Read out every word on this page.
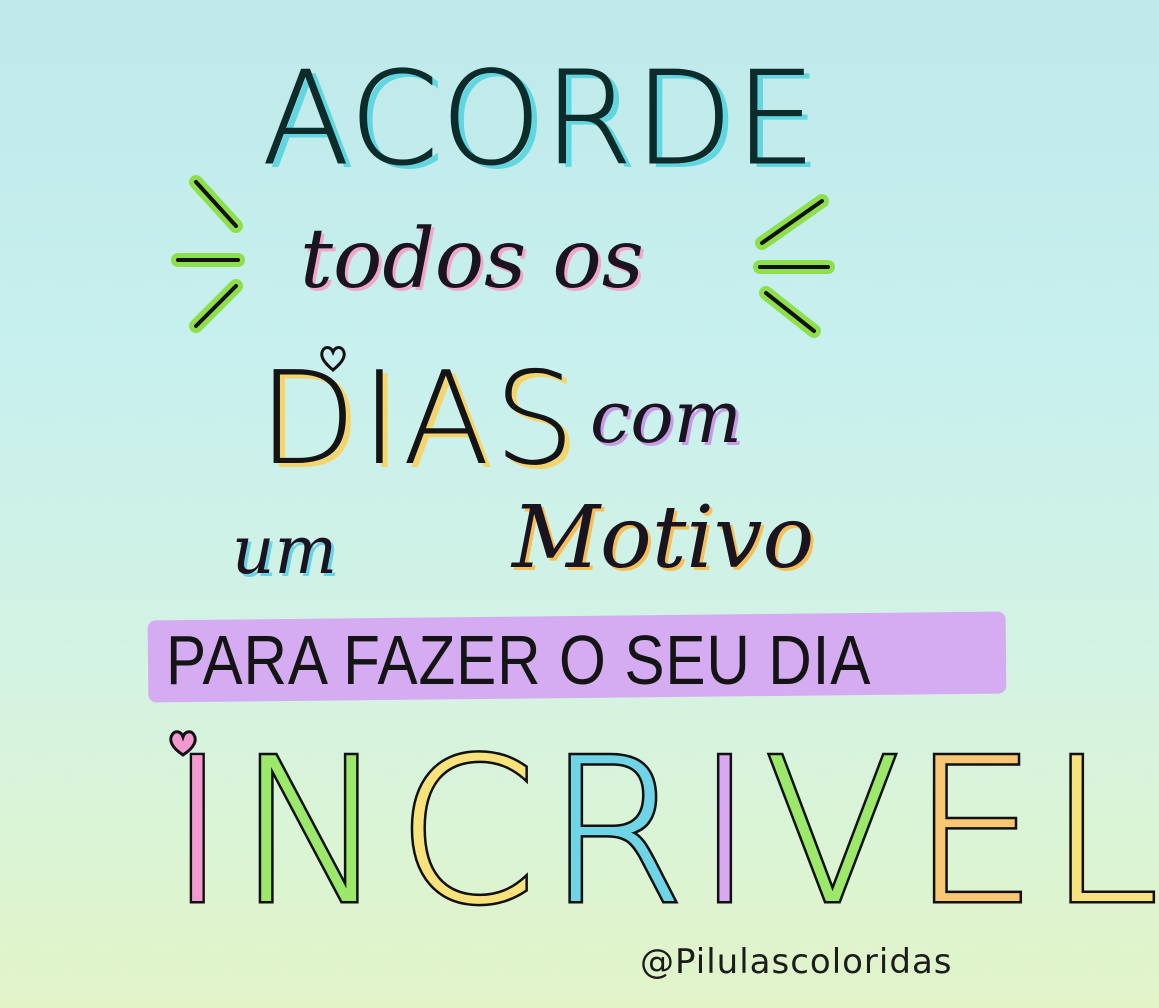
ACORDE
todos os
DIAS com
um Motivo
PARA FAZER O SEU DIA
I N C R I V E L
@Pilulascoloridas
